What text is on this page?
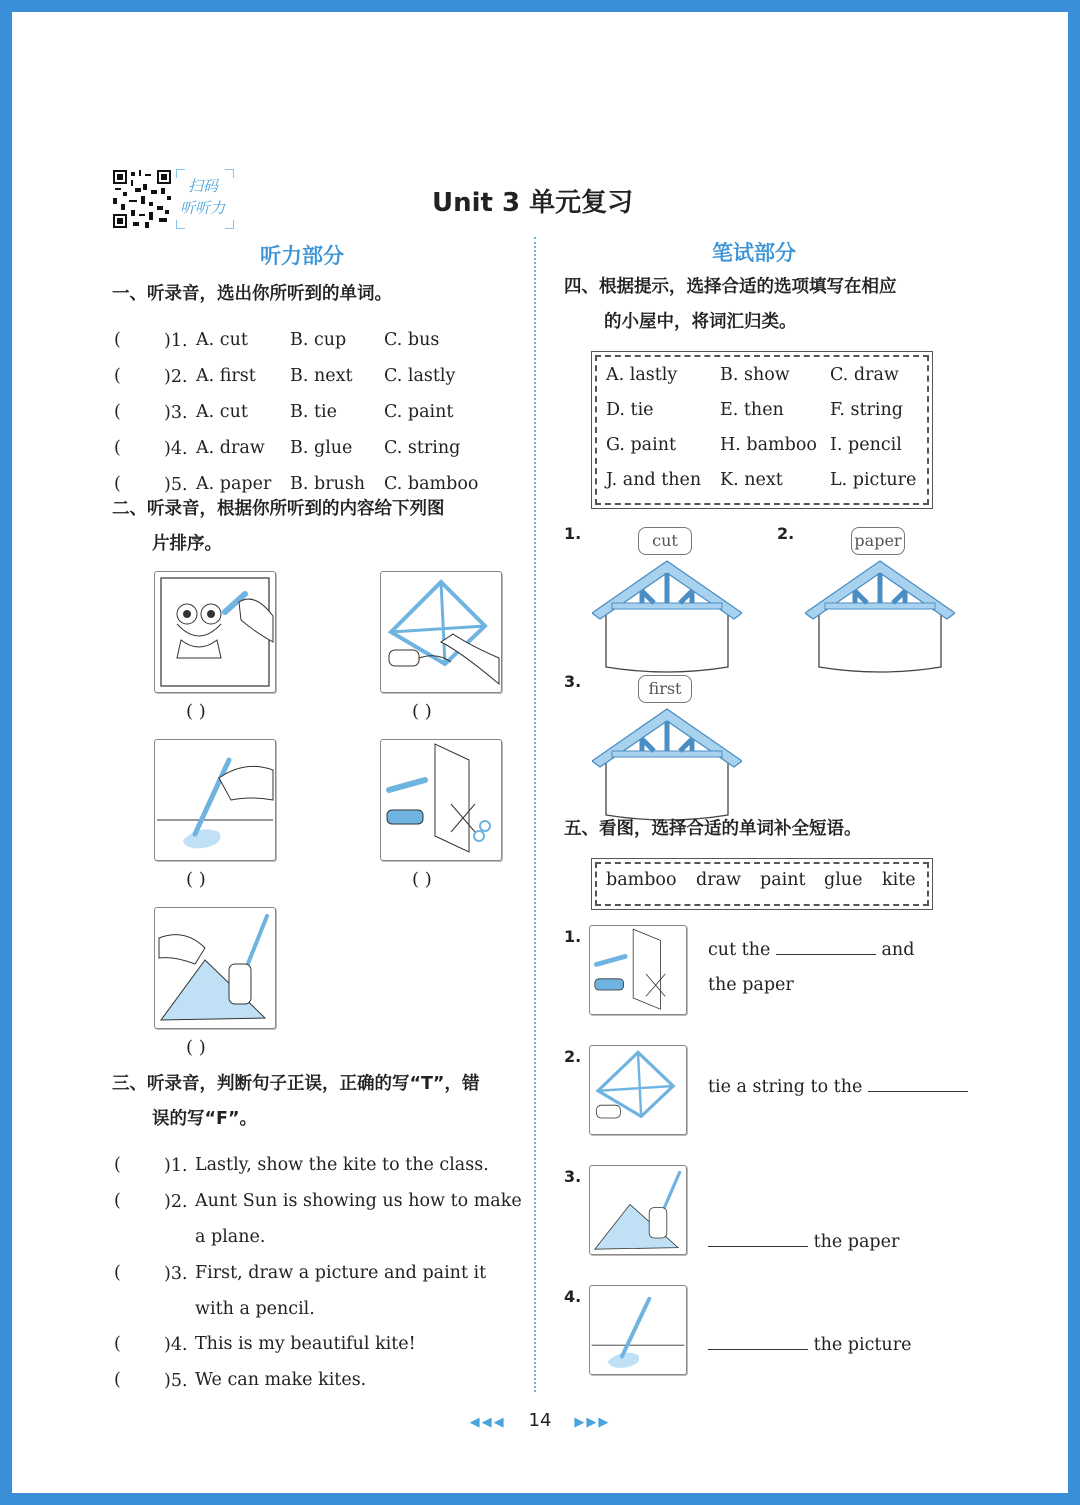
扫码
听听力	Unit 3 单元复习
听力部分
一、听录音，选出你所听到的单词。
( )1. A. cut B. cup C. bus
( )2. A. first B. next C. lastly
( )3. A. cut B. tie	C. paint
( )4. A. draw B. glue C. string
( )5. A. paper B. brush C. bamboo
二、听录音，根据你所听到的内容给下列图
片排序。
( )	( )
( )	( )
( )
三、听录音，判断句子正误，正确的写“T”，错
误的写“F”。
( )1. Lastly, show the kite to the class.
( )2. Aunt Sun is showing us how to make
a plane.
( )3. First, draw a picture and paint it
with a pencil.
( )4. This is my beautiful kite!
( )5. We can make kites.
笔试部分
四、根据提示，选择合适的选项填写在相应
的小屋中，将词汇归类。
A. lastly B. show C. draw
D. tie	E. then	F. string
G. paint	H. bamboo I. pencil
J. and then K. next	L. picture
1.	cut	2.	paper
3.	first
五、看图，选择合适的单词补全短语。
bamboo draw paint glue kite
1.
cut the	and
the paper
2.
tie a string to the
3.
the paper
4.
the picture
◀◀◀ 14 ▶▶▶
